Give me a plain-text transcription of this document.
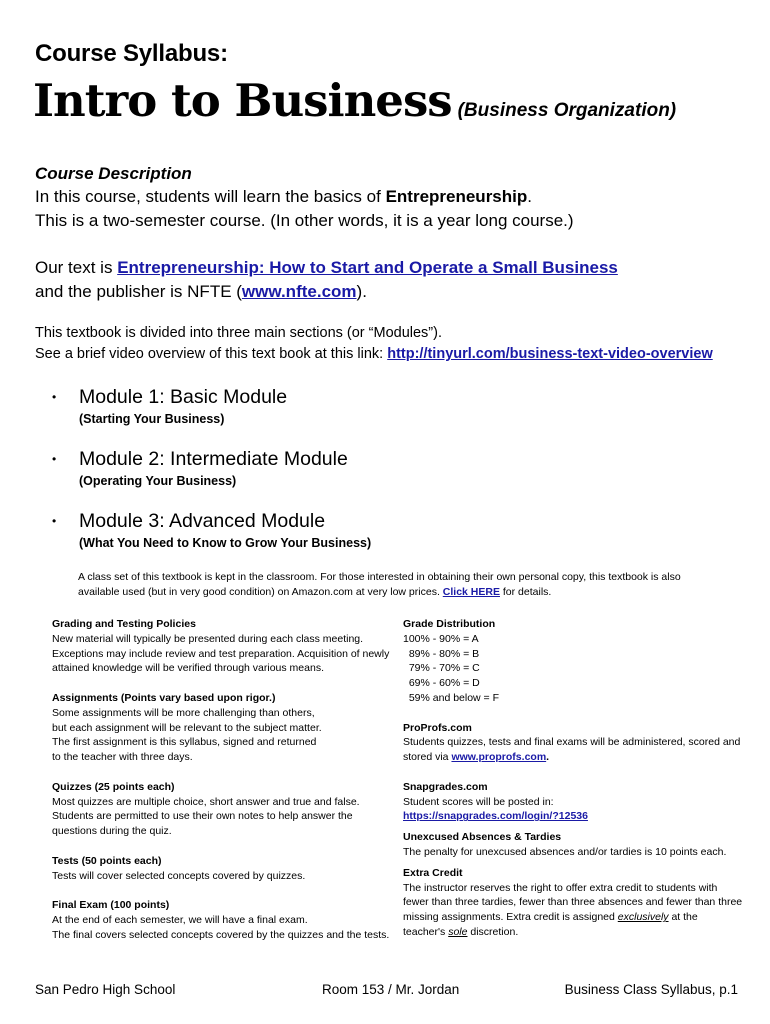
Course Syllabus:
Intro to Business (Business Organization)
Course Description
In this course, students will learn the basics of Entrepreneurship.
This is a two-semester course. (In other words, it is a year long course.)
Our text is Entrepreneurship: How to Start and Operate a Small Business
and the publisher is NFTE (www.nfte.com).
This textbook is divided into three main sections (or “Modules”).
See a brief video overview of this text book at this link: http://tinyurl.com/business-text-video-overview
• Module 1: Basic Module
(Starting Your Business)
• Module 2: Intermediate Module
(Operating Your Business)
• Module 3: Advanced Module
(What You Need to Know to Grow Your Business)
A class set of this textbook is kept in the classroom. For those interested in obtaining their own personal copy, this textbook is also available used (but in very good condition) on Amazon.com at very low prices. Click HERE for details.
Grading and Testing Policies
New material will typically be presented during each class meeting.
Exceptions may include review and test preparation. Acquisition of newly
attained knowledge will be verified through various means.
Assignments (Points vary based upon rigor.)
Some assignments will be more challenging than others,
but each assignment will be relevant to the subject matter.
The first assignment is this syllabus, signed and returned
to the teacher with three days.
Quizzes (25 points each)
Most quizzes are multiple choice, short answer and true and false.
Students are permitted to use their own notes to help answer the
questions during the quiz.
Tests (50 points each)
Tests will cover selected concepts covered by quizzes.
Final Exam (100 points)
At the end of each semester, we will have a final exam.
The final covers selected concepts covered by the quizzes and the tests.
Grade Distribution
100% - 90% = A
89% - 80% = B
79% - 70% = C
69% - 60% = D
59% and below = F
ProProfs.com
Students quizzes, tests and final exams will be administered, scored and
stored via www.proprofs.com.
Snapgrades.com
Student scores will be posted in:
https://snapgrades.com/login/?12536
Unexcused Absences & Tardies
The penalty for unexcused absences and/or tardies is 10 points each.
Extra Credit
The instructor reserves the right to offer extra credit to students with
fewer than three tardies, fewer than three absences and fewer than three
missing assignments. Extra credit is assigned exclusively at the
teacher's sole discretion.
San Pedro High School	Room 153 / Mr. Jordan	Business Class Syllabus, p.1
